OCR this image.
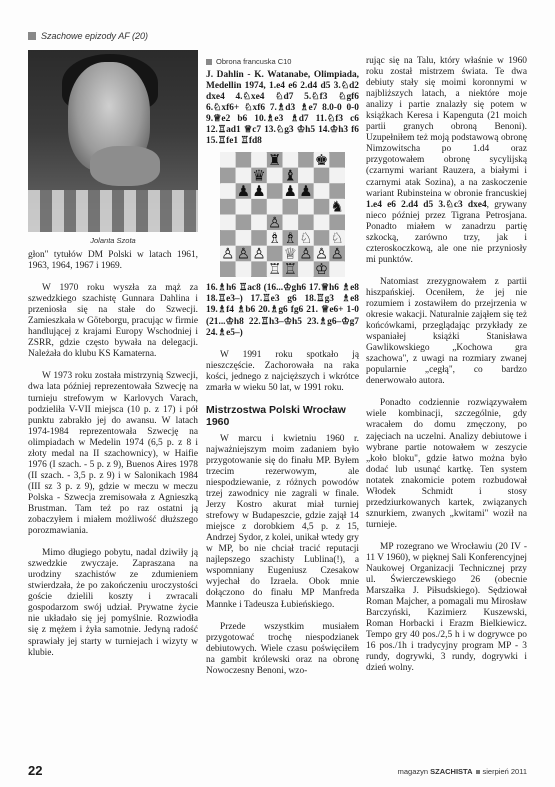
Szachowe epizody AF (20)
Jolanta Szota

głon" tytułów DM Polski w latach 1961, 1963, 1964, 1967 i 1969.

W 1970 roku wyszła za mąż za szwedzkiego szachistę Gunnara Dahlina i przeniosła się na stałe do Szwecji. Zamieszkała w Göteborgu, pracując w firmie handlującej z krajami Europy Wschodniej i ZSRR, gdzie często bywała na delegacji. Należała do klubu KS Kamaterna.

W 1973 roku została mistrzynią Szwecji, dwa lata później reprezentowała Szwecję na turnieju strefowym w Karlovych Varach, podzieliła V-VII miejsca (10 p. z 17) i pół punktu zabrakło jej do awansu. W latach 1974-1984 reprezentowała Szwecję na olimpiadach w Medelin 1974 (6,5 p. z 8 i złoty medal na II szachownicy), w Haifie 1976 (I szach. - 5 p. z 9), Buenos Aires 1978 (II szach. - 3,5 p. z 9) i w Salonikach 1984 (III sz 3 p. z 9), gdzie w meczu w meczu Polska - Szwecja zremisowała z Agnieszką Brustman. Tam też po raz ostatni ją zobaczyłem i miałem możliwość dłuższego porozmawiania.

Mimo długiego pobytu, nadal dziwiły ją szwedzkie zwyczaje. Zapraszana na urodziny szachistów ze zdumieniem stwierdzała, że po zakończeniu uroczystości goście dzielili koszty i zwracali gospodarzom swój udział. Prywatne życie nie układało się jej pomyślnie. Rozwiodła się z mężem i żyła samotnie. Jedyną radość sprawiały jej starty w turniejach i wizyty w klubie.

Obrona francuska C10

J. Dahlin - K. Watanabe, Olimpiada, Medellin 1974, 1.e4 e6 2.d4 d5 3.♘d2 dxe4 4.♘xe4 ♘d7 5.♘f3 ♘gf6 6.♘xf6+ ♘xf6 7.♗d3 ♗e7 8.0-0 0-0 9.♕e2 b6 10.♗e3 ♗d7 11.♘f3 c6 12.♖ad1 ♕c7 13.♘g3 ♔h5 14.♔h3 f6 15.♖fe1 ♖fd8

♜ ♚
♛ ♝
♟ ♟ ♟ ♟
♞
♙
♗ ♗ ♘ ♘
♙ ♙ ♙ ♕ ♙ ♙ ♙
♖ ♖ ♔

16.♗h6 ♖ac8 (16...♔gh6 17.♕h6 ♗e8 18.♖e3–) 17.♖e3 g6 18.♖g3 ♗e8 19.♗f4 ♗b6 20.♗g6 fg6 21. ♕e6+ 1-0 (21...♔h8 22.♖h3–♔h5 23.♗g6–♔g7 24.♗e5–)

W 1991 roku spotkało ją nieszczęście. Zachorowała na raka kości, jednego z najcięższych i wkrótce zmarła w wieku 50 lat, w 1991 roku.

Mistrzostwa Polski Wrocław 1960

W marcu i kwietniu 1960 r. najważniejszym moim zadaniem było przygotowanie się do finału MP. Byłem trzecim rezerwowym, ale niespodziewanie, z różnych powodów trzej zawodnicy nie zagrali w finale. Jerzy Kostro akurat miał turniej strefowy w Budapeszcie, gdzie zajął 14 miejsce z dorobkiem 4,5 p. z 15, Andrzej Sydor, z kolei, unikał wtedy gry w MP, bo nie chciał tracić reputacji najlepszego szachisty Lublina(!), a wspomniany Eugeniusz Czesakow wyjechał do Izraela. Obok mnie dołączono do finału MP Manfreda Mannke i Tadeusza Łubieńskiego.

Przede wszystkim musiałem przygotować trochę niespodzianek debiutowych. Wiele czasu poświęciłem na gambit królewski oraz na obronę Nowoczesny Benoni, wzo-

rując się na Talu, który właśnie w 1960 roku został mistrzem świata. Te dwa debiuty stały się moimi koronnymi w najbliższych latach, a niektóre moje analizy i partie znalazły się potem w książkach Keresa i Kapenguta (21 moich partii granych obroną Benoni). Uzupełniłem też moją podstawową obronę Nimzowitscha po 1.d4 oraz przygotowałem obronę sycylijską (czarnymi wariant Rauzera, a białymi i czarnymi atak Sozina), a na zaskoczenie wariant Rubinsteina w obronie francuskiej 1.e4 e6 2.d4 d5 3.♘c3 dxe4, grywany niecо później przez Tigrana Petrosjana. Ponadto miałem w zanadrzu partię szkocką, zarówno trzy, jak i czteroskoczkową, ale one nie przyniosły mi punktów.

Natomiast zrezygnowałem z partii hiszpańskiej. Oceniłem, że jej nie rozumiem i zostawiłem do przejrzenia w okresie wakacji. Naturalnie zająłem się też końcówkami, przeglądając przykłady ze wspaniałej książki Stanisława Gawlikowskiego „Kochowa gra szachowa", z uwagi na rozmiary zwanej popularnie „cegłą", co bardzo denerwowało autora.

Ponadto codziennie rozwiązywałem wiele kombinacji, szczególnie, gdy wracałem do domu zmęczony, po zajęciach na uczelni. Analizy debiutowe i wybrane partie notowałem w zeszycie „koło bloku", gdzie łatwo można było dodać lub usunąć kartkę. Ten system notatek znakomicie potem rozbudował Włodek Schmidt i stosy przedziurkowanych kartek, związanych sznurkiem, zwanych „kwitami" woził na turnieje.

MP rozegrano we Wrocławiu (20 IV - 11 V 1960), w pięknej Sali Konferencyjnej Naukowej Organizacji Technicznej przy ul. Świerczewskiego 26 (obecnie Marszałka J. Piłsudskiego). Sędziował Roman Majcher, a pomagali mu Mirosław Barczyński, Kazimierz Kuszewski, Roman Horbacki i Erazm Bielkiewicz. Tempo gry 40 pos./2,5 h i w dogrywce po 16 pos./1h i tradycyjny program MP - 3 rundy, dogrywki, 3 rundy, dogrywki i dzień wolny.

22	magazyn SZACHISTA sierpień 2011
